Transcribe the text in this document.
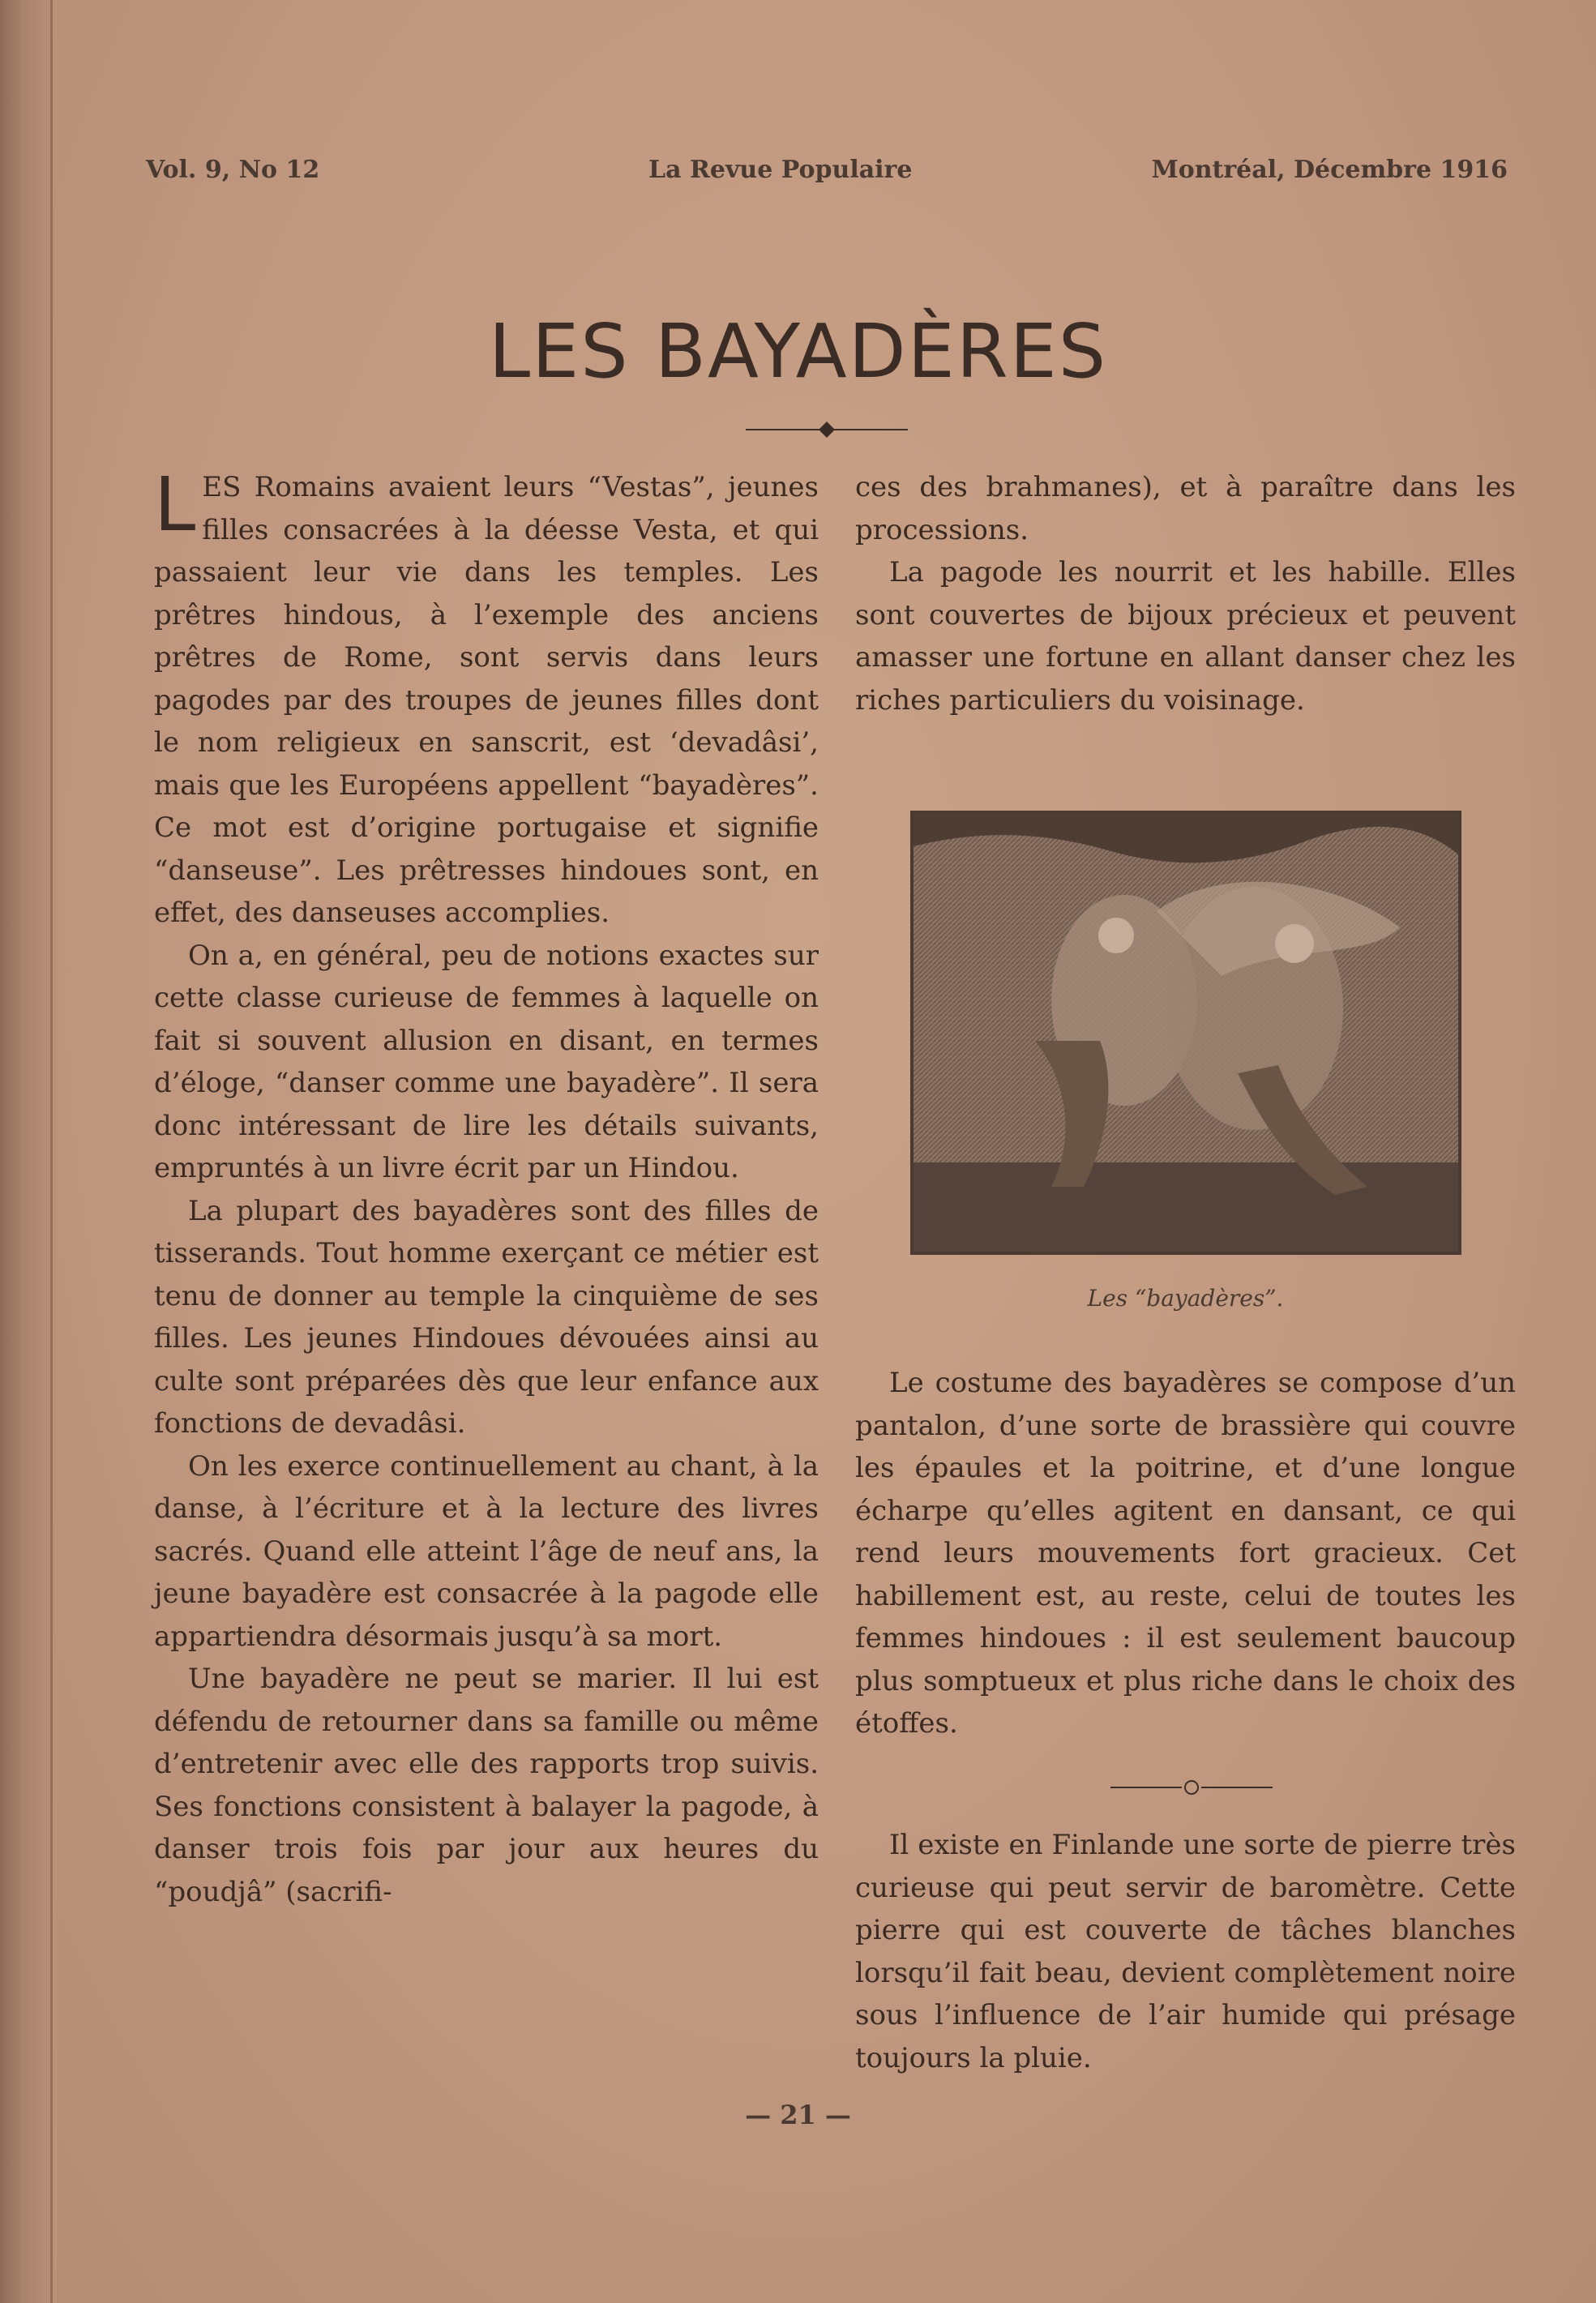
Vol. 9, No 12	La Revue Populaire	Montréal, Décembre 1916
LES BAYADÈRES

LES Romains avaient leurs “Vestas”, jeunes filles consacrées à la déesse Vesta, et qui passaient leur vie dans les temples. Les prêtres hindous, à l’exemple des anciens prêtres de Rome, sont servis dans leurs pagodes par des troupes de jeunes filles dont le nom religieux en sanscrit, est ‘devadâsi’, mais que les Européens appellent “bayadères”. Ce mot est d’origine portugaise et signifie “danseuse”. Les prêtresses hindoues sont, en effet, des danseuses accomplies.

On a, en général, peu de notions exactes sur cette classe curieuse de femmes à laquelle on fait si souvent allusion en disant, en termes d’éloge, “danser comme une bayadère”. Il sera donc intéressant de lire les détails suivants, empruntés à un livre écrit par un Hindou.

La plupart des bayadères sont des filles de tisserands. Tout homme exerçant ce métier est tenu de donner au temple la cinquième de ses filles. Les jeunes Hindoues dévouées ainsi au culte sont préparées dès que leur enfance aux fonctions de devadâsi.

On les exerce continuellement au chant, à la danse, à l’écriture et à la lecture des livres sacrés. Quand elle atteint l’âge de neuf ans, la jeune bayadère est consacrée à la pagode elle appartiendra désormais jusqu’à sa mort.

Une bayadère ne peut se marier. Il lui est défendu de retourner dans sa famille ou même d’entretenir avec elle des rapports trop suivis. Ses fonctions consistent à balayer la pagode, à danser trois fois par jour aux heures du “poudjâ” (sacrifi-

ces des brahmanes), et à paraître dans les processions.

La pagode les nourrit et les habille. Elles sont couvertes de bijoux précieux et peuvent amasser une fortune en allant danser chez les riches particuliers du voisinage.

Les “bayadères”.

Le costume des bayadères se compose d’un pantalon, d’une sorte de brassière qui couvre les épaules et la poitrine, et d’une longue écharpe qu’elles agitent en dansant, ce qui rend leurs mouvements fort gracieux. Cet habillement est, au reste, celui de toutes les femmes hindoues : il est seulement baucoup plus somptueux et plus riche dans le choix des étoffes.

Il existe en Finlande une sorte de pierre très curieuse qui peut servir de baromètre. Cette pierre qui est couverte de tâches blanches lorsqu’il fait beau, devient complètement noire sous l’influence de l’air humide qui présage toujours la pluie.

— 21 —
